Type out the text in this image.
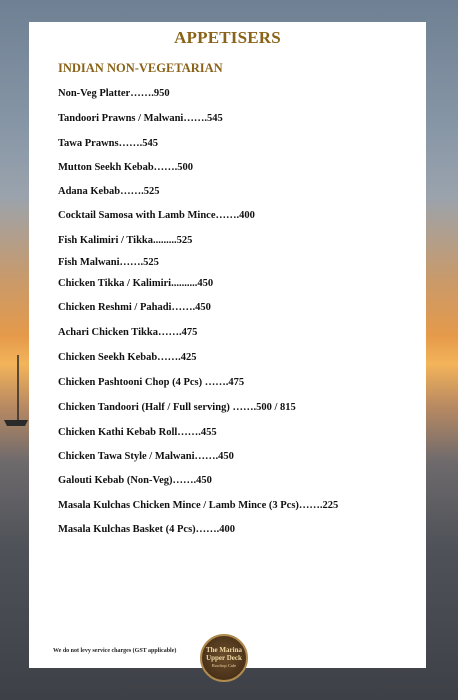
APPETISERS
INDIAN NON-VEGETARIAN
Non-Veg Platter…….950
Tandoori Prawns / Malwani…….545
Tawa Prawns…….545
Mutton Seekh Kebab…….500
Adana Kebab…….525
Cocktail Samosa with Lamb Mince…….400
Fish Kalimiri / Tikka.........525
Fish Malwani…….525
Chicken Tikka / Kalimiri..........450
Chicken Reshmi / Pahadi…….450
Achari Chicken Tikka…….475
Chicken Seekh Kebab…….425
Chicken Pashtooni Chop (4 Pcs) …….475
Chicken Tandoori (Half / Full serving) …….500 / 815
Chicken Kathi Kebab Roll…….455
Chicken Tawa Style / Malwani…….450
Galouti Kebab (Non-Veg)…….450
Masala Kulchas Chicken Mince / Lamb Mince (3 Pcs)…….225
Masala Kulchas Basket (4 Pcs)…….400
We do not levy service charges (GST applicable)	The Marina
Upper Deck
Rooftop Cafe
